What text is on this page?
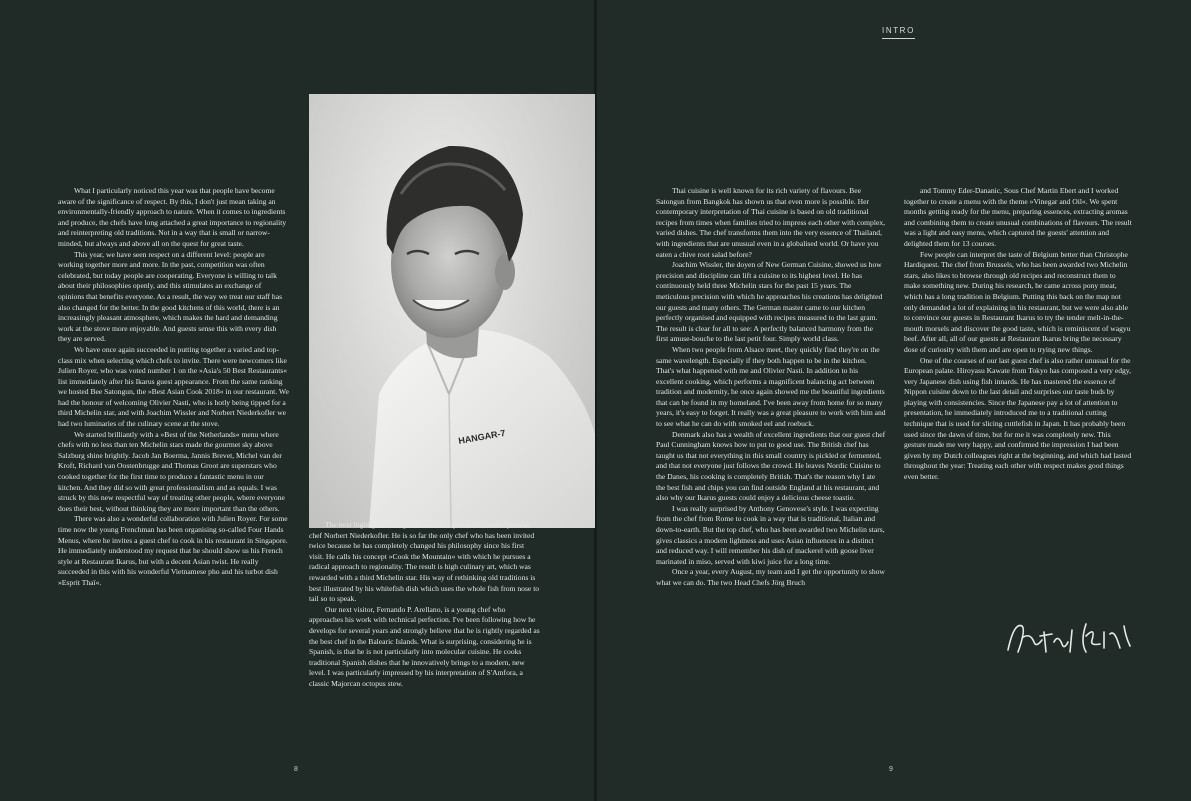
INTRO
HANGAR-7

What I particularly noticed this year was that people have become aware of the significance of respect. By this, I don't just mean taking an environmentally-friendly approach to nature. When it comes to ingredients and produce, the chefs have long attached a great importance to regionality and reinterpreting old traditions. Not in a way that is small or narrow-minded, but always and above all on the quest for great taste.

This year, we have seen respect on a different level: people are working together more and more. In the past, competition was often celebrated, but today people are cooperating. Everyone is willing to talk about their philosophies openly, and this stimulates an exchange of opinions that benefits everyone. As a result, the way we treat our staff has also changed for the better. In the good kitchens of this world, there is an increasingly pleasant atmosphere, which makes the hard and demanding work at the stove more enjoyable. And guests sense this with every dish they are served.

We have once again succeeded in putting together a varied and top-class mix when selecting which chefs to invite. There were newcomers like Julien Royer, who was voted number 1 on the »Asia's 50 Best Restaurants« list immediately after his Ikarus guest appearance. From the same ranking we hosted Bee Satongun, the »Best Asian Cook 2018« in our restaurant. We had the honour of welcoming Olivier Nasti, who is hotly being tipped for a third Michelin star, and with Joachim Wissler and Norbert Niederkofler we had two luminaries of the culinary scene at the stove.

We started brilliantly with a »Best of the Netherlands« menu where chefs with no less than ten Michelin stars made the gourmet sky above Salzburg shine brightly. Jacob Jan Boerma, Jannis Brevet, Michel van der Kroft, Richard van Oostenbrugge and Thomas Groot are superstars who cooked together for the first time to produce a fantastic menu in our kitchen. And they did so with great professionalism and as equals. I was struck by this new respectful way of treating other people, where everyone does their best, without thinking they are more important than the others.

There was also a wonderful collaboration with Julien Royer. For some time now the young Frenchman has been organising so-called Four Hands Menus, where he invites a guest chef to cook in his restaurant in Singapore. He immediately understood my request that he should show us his French style at Restaurant Ikarus, but with a decent Asian twist. He really succeeded in this with his wonderful Vietnamese pho and his turbot dish »Esprit Thaï«.

The next highlight of the guest chef line-up was the South Tyrolean chef Norbert Niederkofler. He is so far the only chef who has been invited twice because he has completely changed his philosophy since his first visit. He calls his concept »Cook the Mountain« with which he pursues a radical approach to regionality. The result is high culinary art, which was rewarded with a third Michelin star. His way of rethinking old traditions is best illustrated by his whitefish dish which uses the whole fish from nose to tail so to speak.

Our next visitor, Fernando P. Arellano, is a young chef who approaches his work with technical perfection. I've been following how he develops for several years and strongly believe that he is rightly regarded as the best chef in the Balearic Islands. What is surprising, considering he is Spanish, is that he is not particularly into molecular cuisine. He cooks traditional Spanish dishes that he innovatively brings to a modern, new level. I was particularly impressed by his interpretation of S'Amfora, a classic Majorcan octopus stew.

Thai cuisine is well known for its rich variety of flavours. Bee Satongun from Bangkok has shown us that even more is possible. Her contemporary interpretation of Thai cuisine is based on old traditional recipes from times when families tried to impress each other with complex, varied dishes. The chef transforms them into the very essence of Thailand, with ingredients that are unusual even in a globalised world. Or have you eaten a chive root salad before?

Joachim Wissler, the doyen of New German Cuisine, showed us how precision and discipline can lift a cuisine to its highest level. He has continuously held three Michelin stars for the past 15 years. The meticulous precision with which he approaches his creations has delighted our guests and many others. The German master came to our kitchen perfectly organised and equipped with recipes measured to the last gram. The result is clear for all to see: A perfectly balanced harmony from the first amuse-bouche to the last petit four. Simply world class.

When two people from Alsace meet, they quickly find they're on the same wavelength. Especially if they both happen to be in the kitchen. That's what happened with me and Olivier Nasti. In addition to his excellent cooking, which performs a magnificent balancing act between tradition and modernity, he once again showed me the beautiful ingredients that can be found in my homeland. I've been away from home for so many years, it's easy to forget. It really was a great pleasure to work with him and to see what he can do with smoked eel and roebuck.

Denmark also has a wealth of excellent ingredients that our guest chef Paul Cunningham knows how to put to good use. The British chef has taught us that not everything in this small country is pickled or fermented, and that not everyone just follows the crowd. He leaves Nordic Cuisine to the Danes, his cooking is completely British. That's the reason why I ate the best fish and chips you can find outside England at his restaurant, and also why our Ikarus guests could enjoy a delicious cheese toastie.

I was really surprised by Anthony Genovese's style. I was expecting from the chef from Rome to cook in a way that is traditional, Italian and down-to-earth. But the top chef, who has been awarded two Michelin stars, gives classics a modern lightness and uses Asian influences in a distinct and reduced way. I will remember his dish of mackerel with goose liver marinated in miso, served with kiwi juice for a long time.

Once a year, every August, my team and I get the opportunity to show what we can do. The two Head Chefs Jörg Bruch

and Tommy Eder-Dananic, Sous Chef Martin Ebert and I worked together to create a menu with the theme »Vinegar and Oil«. We spent months getting ready for the menu, preparing essences, extracting aromas and combining them to create unusual combinations of flavours. The result was a light and easy menu, which captured the guests' attention and delighted them for 13 courses.

Few people can interpret the taste of Belgium better than Christophe Hardiquest. The chef from Brussels, who has been awarded two Michelin stars, also likes to browse through old recipes and reconstruct them to make something new. During his research, he came across pony meat, which has a long tradition in Belgium. Putting this back on the map not only demanded a lot of explaining in his restaurant, but we were also able to convince our guests in Restaurant Ikarus to try the tender melt-in-the-mouth morsels and discover the good taste, which is reminiscent of wagyu beef. After all, all of our guests at Restaurant Ikarus bring the necessary dose of curiosity with them and are open to trying new things.

One of the courses of our last guest chef is also rather unusual for the European palate. Hiroyasu Kawate from Tokyo has composed a very edgy, very Japanese dish using fish innards. He has mastered the essence of Nippon cuisine down to the last detail and surprises our taste buds by playing with consistencies. Since the Japanese pay a lot of attention to presentation, he immediately introduced me to a traditional cutting technique that is used for slicing cuttlefish in Japan. It has probably been used since the dawn of time, but for me it was completely new. This gesture made me very happy, and confirmed the impression I had been given by my Dutch colleagues right at the beginning, and which had lasted throughout the year: Treating each other with respect makes good things even better.

8	9
